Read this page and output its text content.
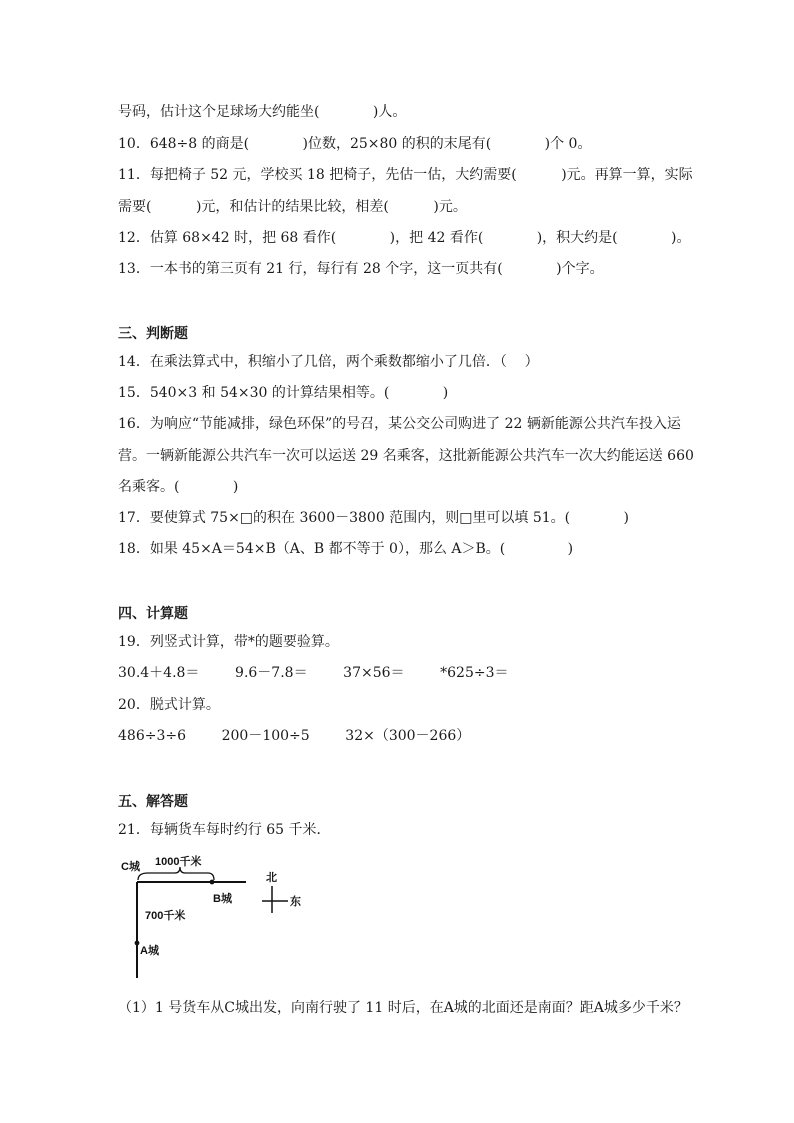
号码，估计这个足球场大约能坐(            )人。
10．648÷8 的商是(            )位数，25×80 的积的末尾有(            )个 0。
11．每把椅子 52 元，学校买 18 把椅子，先估一估，大约需要(          )元。再算一算，实际
需要(          )元，和估计的结果比较，相差(          )元。
12．估算 68×42 时，把 68 看作(            )，把 42 看作(            )，积大约是(            )。
13．一本书的第三页有 21 行，每行有 28 个字，这一页共有(            )个字。
三、判断题
14．在乘法算式中，积缩小了几倍，两个乘数都缩小了几倍．（    ）
15．540×3 和 54×30 的计算结果相等。(            )
16．为响应“节能减排，绿色环保”的号召，某公交公司购进了 22 辆新能源公共汽车投入运
营。一辆新能源公共汽车一次可以运送 29 名乘客，这批新能源公共汽车一次大约能运送 660
名乘客。(            )
17．要使算式 75×□的积在 3600－3800 范围内，则□里可以填 51。(            )
18．如果 45×A＝54×B（A、B 都不等于 0），那么 A＞B。(              )
四、计算题
19．列竖式计算，带*的题要验算。
30.4＋4.8＝        9.6－7.8＝        37×56＝        *625÷3＝
20．脱式计算。
486÷3÷6        200－100÷5        32×（300－266）
五、解答题
21．每辆货车每时约行 65 千米．
C城 1000千米
B城
700千米
A城
北
东
（1）1 号货车从C城出发，向南行驶了 11 时后，在A城的北面还是南面？距A城多少千米？
